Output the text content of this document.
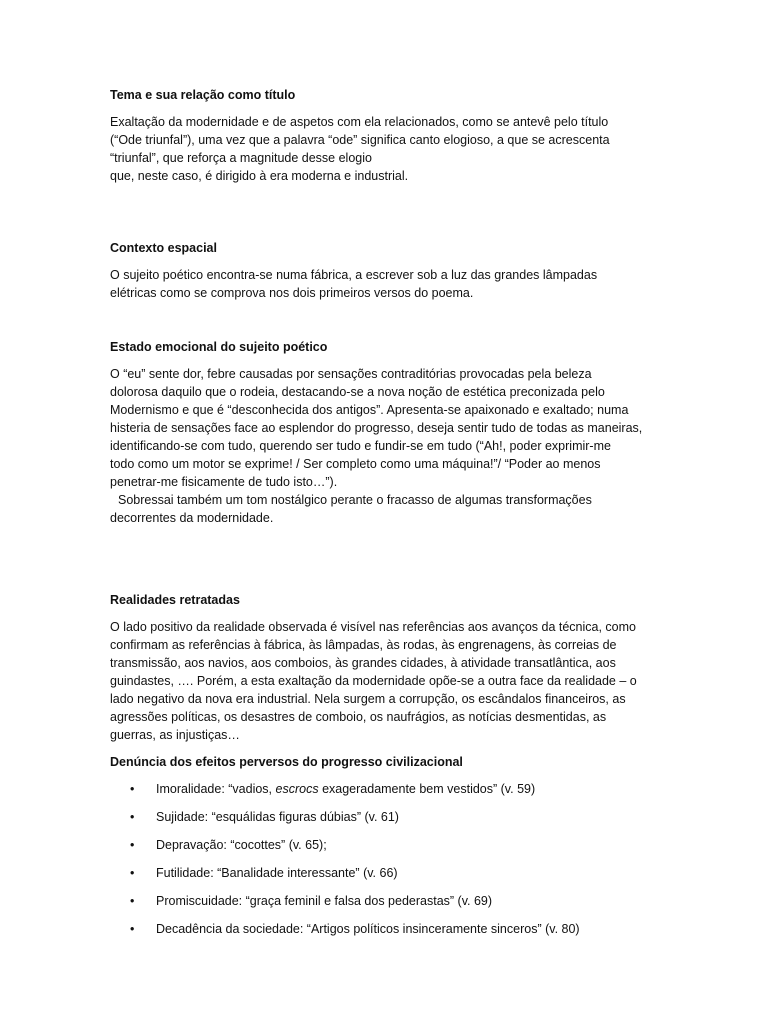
Tema e sua relação como título

Exaltação da modernidade e de aspetos com ela relacionados, como se antevê pelo título
(“Ode triunfal”), uma vez que a palavra “ode” significa canto elogioso, a que se acrescenta
“triunfal”, que reforça a magnitude desse elogio
que, neste caso, é dirigido à era moderna e industrial.

Contexto espacial

O sujeito poético encontra-se numa fábrica, a escrever sob a luz das grandes lâmpadas
elétricas como se comprova nos dois primeiros versos do poema.

Estado emocional do sujeito poético

O “eu” sente dor, febre causadas por sensações contraditórias provocadas pela beleza
dolorosa daquilo que o rodeia, destacando-se a nova noção de estética preconizada pelo
Modernismo e que é “desconhecida dos antigos”. Apresenta-se apaixonado e exaltado; numa
histeria de sensações face ao esplendor do progresso, deseja sentir tudo de todas as maneiras,
identificando-se com tudo, querendo ser tudo e fundir-se em tudo (“Ah!, poder exprimir-me
todo como um motor se exprime! / Ser completo como uma máquina!”/ “Poder ao menos
penetrar-me fisicamente de tudo isto…”).
Sobressai também um tom nostálgico perante o fracasso de algumas transformações
decorrentes da modernidade.

Realidades retratadas

O lado positivo da realidade observada é visível nas referências aos avanços da técnica, como
confirmam as referências à fábrica, às lâmpadas, às rodas, às engrenagens, às correias de
transmissão, aos navios, aos comboios, às grandes cidades, à atividade transatlântica, aos
guindastes, …. Porém, a esta exaltação da modernidade opõe-se a outra face da realidade – o
lado negativo da nova era industrial. Nela surgem a corrupção, os escândalos financeiros, as
agressões políticas, os desastres de comboio, os naufrágios, as notícias desmentidas, as
guerras, as injustiças…

Denúncia dos efeitos perversos do progresso civilizacional

• Imoralidade: “vadios, escrocs exageradamente bem vestidos” (v. 59)
• Sujidade: “esquálidas figuras dúbias” (v. 61)
• Depravação: “cocottes” (v. 65);
• Futilidade: “Banalidade interessante” (v. 66)
• Promiscuidade: “graça feminil e falsa dos pederastas” (v. 69)
• Decadência da sociedade: “Artigos políticos insinceramente sinceros” (v. 80)
